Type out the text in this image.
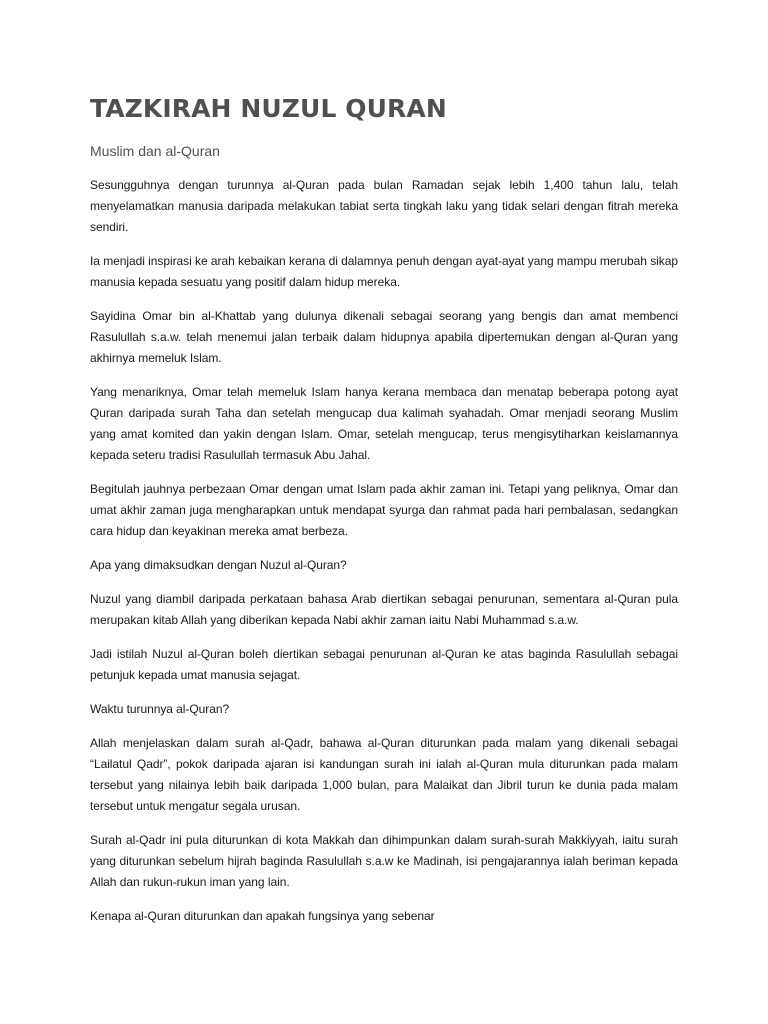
TAZKIRAH NUZUL QURAN
Muslim dan al-Quran

Sesungguhnya dengan turunnya al-Quran pada bulan Ramadan sejak lebih 1,400 tahun lalu, telah menyelamatkan manusia daripada melakukan tabiat serta tingkah laku yang tidak selari dengan fitrah mereka sendiri.

Ia menjadi inspirasi ke arah kebaikan kerana di dalamnya penuh dengan ayat-ayat yang mampu merubah sikap manusia kepada sesuatu yang positif dalam hidup mereka.

Sayidina Omar bin al-Khattab yang dulunya dikenali sebagai seorang yang bengis dan amat membenci Rasulullah s.a.w. telah menemui jalan terbaik dalam hidupnya apabila dipertemukan dengan al-Quran yang akhirnya memeluk Islam.

Yang menariknya, Omar telah memeluk Islam hanya kerana membaca dan menatap beberapa potong ayat Quran daripada surah Taha dan setelah mengucap dua kalimah syahadah. Omar menjadi seorang Muslim yang amat komited dan yakin dengan Islam. Omar, setelah mengucap, terus mengisytiharkan keislamannya kepada seteru tradisi Rasulullah termasuk Abu Jahal.

Begitulah jauhnya perbezaan Omar dengan umat Islam pada akhir zaman ini. Tetapi yang peliknya, Omar dan umat akhir zaman juga mengharapkan untuk mendapat syurga dan rahmat pada hari pembalasan, sedangkan cara hidup dan keyakinan mereka amat berbeza.

Apa yang dimaksudkan dengan Nuzul al-Quran?

Nuzul yang diambil daripada perkataan bahasa Arab diertikan sebagai penurunan, sementara al-Quran pula merupakan kitab Allah yang diberikan kepada Nabi akhir zaman iaitu Nabi Muhammad s.a.w.

Jadi istilah Nuzul al-Quran boleh diertikan sebagai penurunan al-Quran ke atas baginda Rasulullah sebagai petunjuk kepada umat manusia sejagat.

Waktu turunnya al-Quran?

Allah menjelaskan dalam surah al-Qadr, bahawa al-Quran diturunkan pada malam yang dikenali sebagai “Lailatul Qadr”, pokok daripada ajaran isi kandungan surah ini ialah al-Quran mula diturunkan pada malam tersebut yang nilainya lebih baik daripada 1,000 bulan, para Malaikat dan Jibril turun ke dunia pada malam tersebut untuk mengatur segala urusan.

Surah al-Qadr ini pula diturunkan di kota Makkah dan dihimpunkan dalam surah-surah Makkiyyah, iaitu surah yang diturunkan sebelum hijrah baginda Rasulullah s.a.w ke Madinah, isi pengajarannya ialah beriman kepada Allah dan rukun-rukun iman yang lain.

Kenapa al-Quran diturunkan dan apakah fungsinya yang sebenar
